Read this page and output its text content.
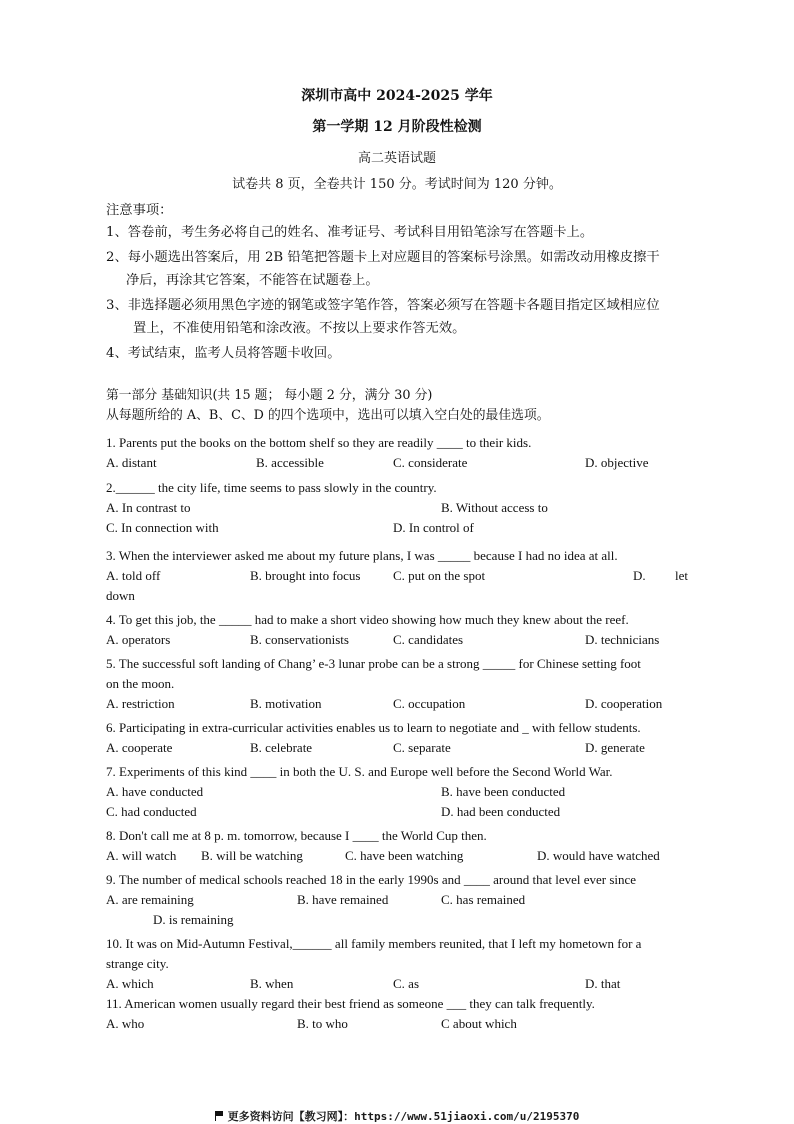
深圳市高中 2024-2025 学年
第一学期 12 月阶段性检测
高二英语试题
试卷共 8 页，全卷共计 150 分。考试时间为 120 分钟。
注意事项：
1、答卷前，考生务必将自己的姓名、准考证号、考试科目用铅笔涂写在答题卡上。
2、每小题选出答案后，用 2B 铅笔把答题卡上对应题目的答案标号涂黑。如需改动用橡皮擦干
净后，再涂其它答案，不能答在试题卷上。
3、非选择题必须用黑色字迹的钢笔或签字笔作答，答案必须写在答题卡各题目指定区域相应位
置上，不准使用铅笔和涂改液。不按以上要求作答无效。
4、考试结束，监考人员将答题卡收回。
第一部分 基础知识(共 15 题； 每小题 2 分，满分 30 分)
从每题所给的 A、B、C、D 的四个选项中，选出可以填入空白处的最佳选项。
1. Parents put the books on the bottom shelf so they are readily ____ to their kids.
A. distant	B. accessible	C. considerate	D. objective
2.______ the city life, time seems to pass slowly in the country.
A. In contrast to	B. Without access to
C. In connection with	D. In control of
3. When the interviewer asked me about my future plans, I was _____ because I had no idea at all.
A. told off	B. brought into focus	C. put on the spot	D. let
down
4. To get this job, the _____ had to make a short video showing how much they knew about the reef.
A. operators	B. conservationists	C. candidates	D. technicians
5. The successful soft landing of Chang’ e-3 lunar probe can be a strong _____ for Chinese setting foot
on the moon.
A. restriction	B. motivation	C. occupation	D. cooperation
6. Participating in extra-curricular activities enables us to learn to negotiate and _ with fellow students.
A. cooperate	B. celebrate	C. separate	D. generate
7. Experiments of this kind ____ in both the U. S. and Europe well before the Second World War.
A. have conducted	B. have been conducted
C. had conducted	D. had been conducted
8. Don't call me at 8 p. m. tomorrow, because I ____ the World Cup then.
A. will watch B. will be watching	C. have been watching	D. would have watched
9. The number of medical schools reached 18 in the early 1990s and ____ around that level ever since
A. are remaining	B. have remained	C. has remained
D. is remaining
10. It was on Mid-Autumn Festival,______ all family members reunited, that I left my hometown for a
strange city.
A. which	B. when	C. as	D. that
11. American women usually regard their best friend as someone ___ they can talk frequently.
A. who	B. to who	C about which
更多资料访问【教习网】：https://www.51jiaoxi.com/u/2195370
